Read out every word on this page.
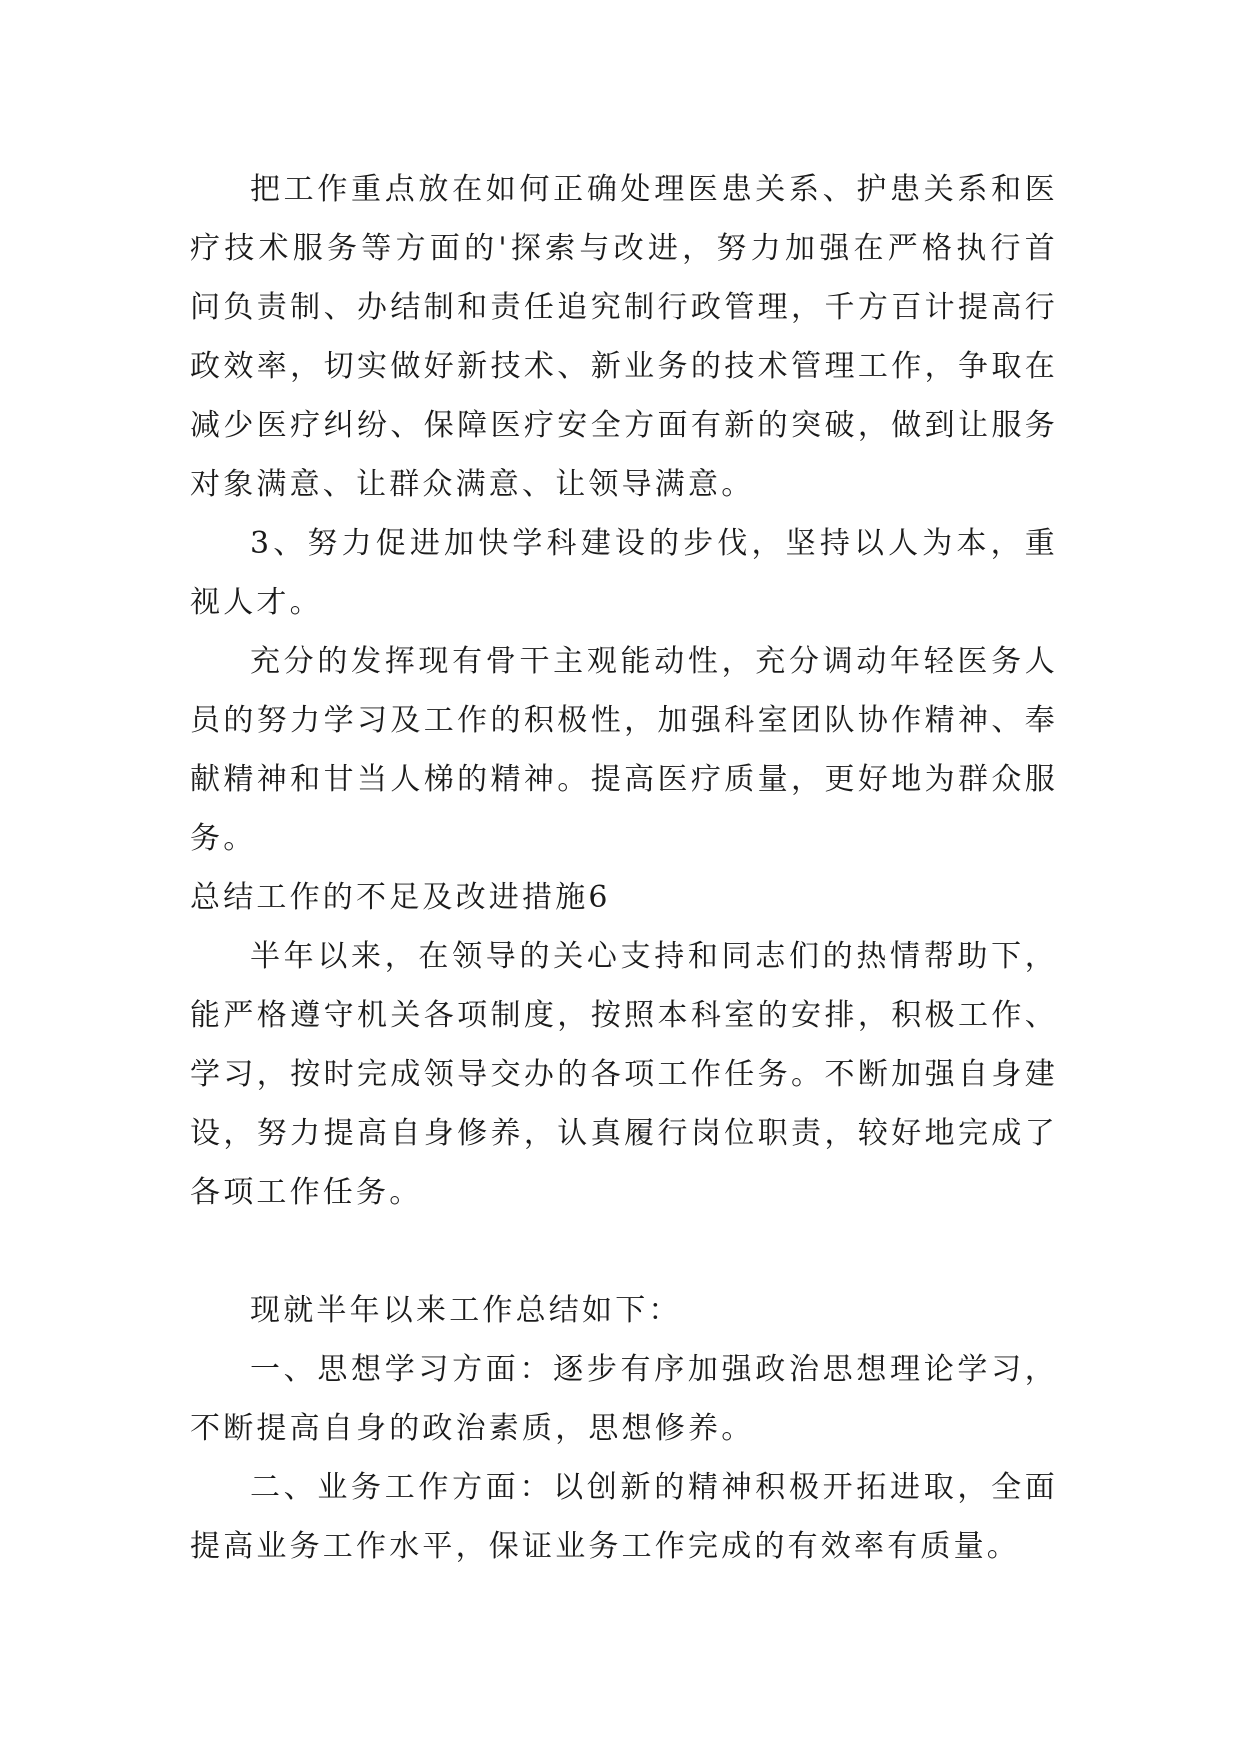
把工作重点放在如何正确处理医患关系、护患关系和医疗技术服务等方面的'探索与改进，努力加强在严格执行首问负责制、办结制和责任追究制行政管理，千方百计提高行政效率，切实做好新技术、新业务的技术管理工作，争取在减少医疗纠纷、保障医疗安全方面有新的突破，做到让服务对象满意、让群众满意、让领导满意。

3、努力促进加快学科建设的步伐，坚持以人为本，重视人才。

充分的发挥现有骨干主观能动性，充分调动年轻医务人员的努力学习及工作的积极性，加强科室团队协作精神、奉献精神和甘当人梯的精神。提高医疗质量，更好地为群众服务。

总结工作的不足及改进措施6

半年以来，在领导的关心支持和同志们的热情帮助下，能严格遵守机关各项制度，按照本科室的安排，积极工作、学习，按时完成领导交办的各项工作任务。不断加强自身建设，努力提高自身修养，认真履行岗位职责，较好地完成了各项工作任务。

现就半年以来工作总结如下：

一、思想学习方面：逐步有序加强政治思想理论学习，不断提高自身的政治素质，思想修养。

二、业务工作方面：以创新的精神积极开拓进取，全面提高业务工作水平，保证业务工作完成的有效率有质量。
